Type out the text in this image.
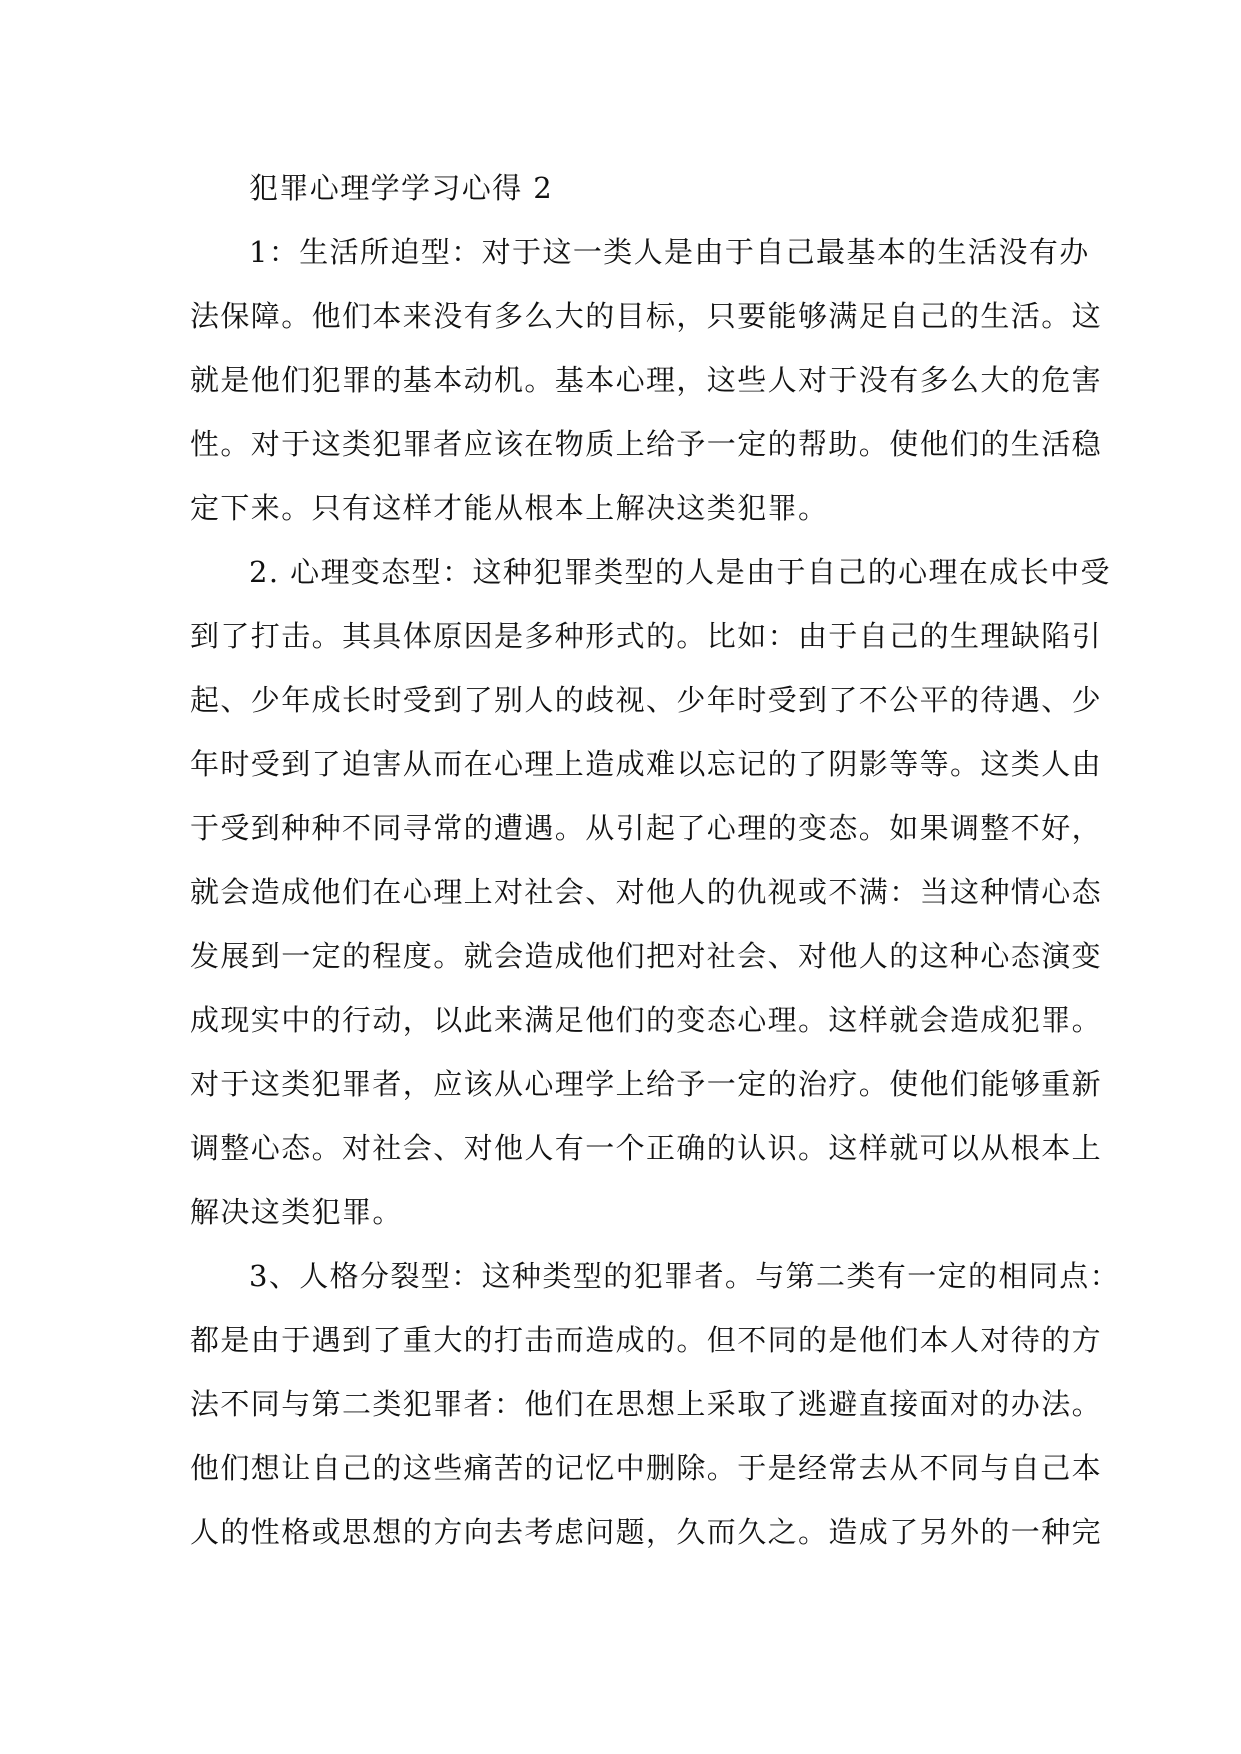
犯罪心理学学习心得 2
1：生活所迫型：对于这一类人是由于自己最基本的生活没有办
法保障。他们本来没有多么大的目标，只要能够满足自己的生活。这
就是他们犯罪的基本动机。基本心理，这些人对于没有多么大的危害
性。对于这类犯罪者应该在物质上给予一定的帮助。使他们的生活稳
定下来。只有这样才能从根本上解决这类犯罪。
2. 心理变态型：这种犯罪类型的人是由于自己的心理在成长中受
到了打击。其具体原因是多种形式的。比如：由于自己的生理缺陷引
起、少年成长时受到了别人的歧视、少年时受到了不公平的待遇、少
年时受到了迫害从而在心理上造成难以忘记的了阴影等等。这类人由
于受到种种不同寻常的遭遇。从引起了心理的变态。如果调整不好，
就会造成他们在心理上对社会、对他人的仇视或不满：当这种情心态
发展到一定的程度。就会造成他们把对社会、对他人的这种心态演变
成现实中的行动，以此来满足他们的变态心理。这样就会造成犯罪。
对于这类犯罪者，应该从心理学上给予一定的治疗。使他们能够重新
调整心态。对社会、对他人有一个正确的认识。这样就可以从根本上
解决这类犯罪。
3、人格分裂型：这种类型的犯罪者。与第二类有一定的相同点：
都是由于遇到了重大的打击而造成的。但不同的是他们本人对待的方
法不同与第二类犯罪者：他们在思想上采取了逃避直接面对的办法。
他们想让自己的这些痛苦的记忆中删除。于是经常去从不同与自己本
人的性格或思想的方向去考虑问题，久而久之。造成了另外的一种完
